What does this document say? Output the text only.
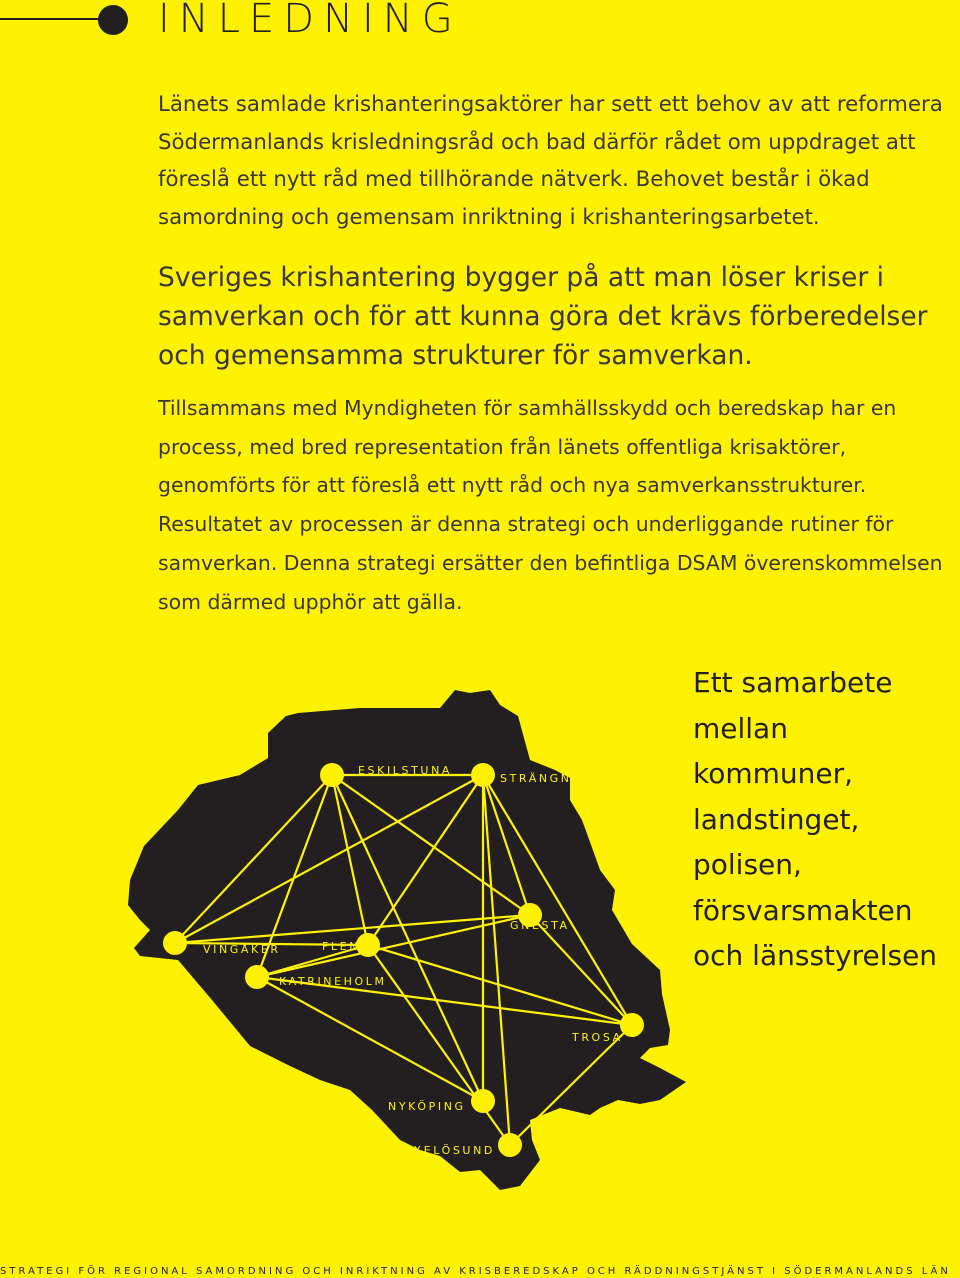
INLEDNING

Länets samlade krishanteringsaktörer har sett ett behov av att reformera Södermanlands krisledningsråd och bad därför rådet om uppdraget att föreslå ett nytt råd med tillhörande nätverk. Behovet består i ökad samordning och gemensam inriktning i krishanteringsarbetet.

Sveriges krishantering bygger på att man löser kriser i samverkan och för att kunna göra det krävs förberedelser och gemensamma strukturer för samverkan.

Tillsammans med Myndigheten för samhällsskydd och beredskap har en process, med bred representation från länets offentliga krisaktörer, genomförts för att föreslå ett nytt råd och nya samverkansstrukturer. Resultatet av processen är denna strategi och underliggande rutiner för samverkan. Denna strategi ersätter den befintliga DSAM överenskommelsen som därmed upphör att gälla.

ESKILSTUNA
STRÄNGNÄS
GNESTA
VINGÅKER	FLEN
KATRINEHOLM
TROSA
NYKÖPING
OXELÖSUND

Ett samarbete mellan kommuner, landstinget, polisen, försvarsmakten och länsstyrelsen

STRATEGI FÖR REGIONAL SAMORDNING OCH INRIKTNING AV KRISBEREDSKAP OCH RÄDDNINGSTJÄNST I SÖDERMANLANDS LÄN
